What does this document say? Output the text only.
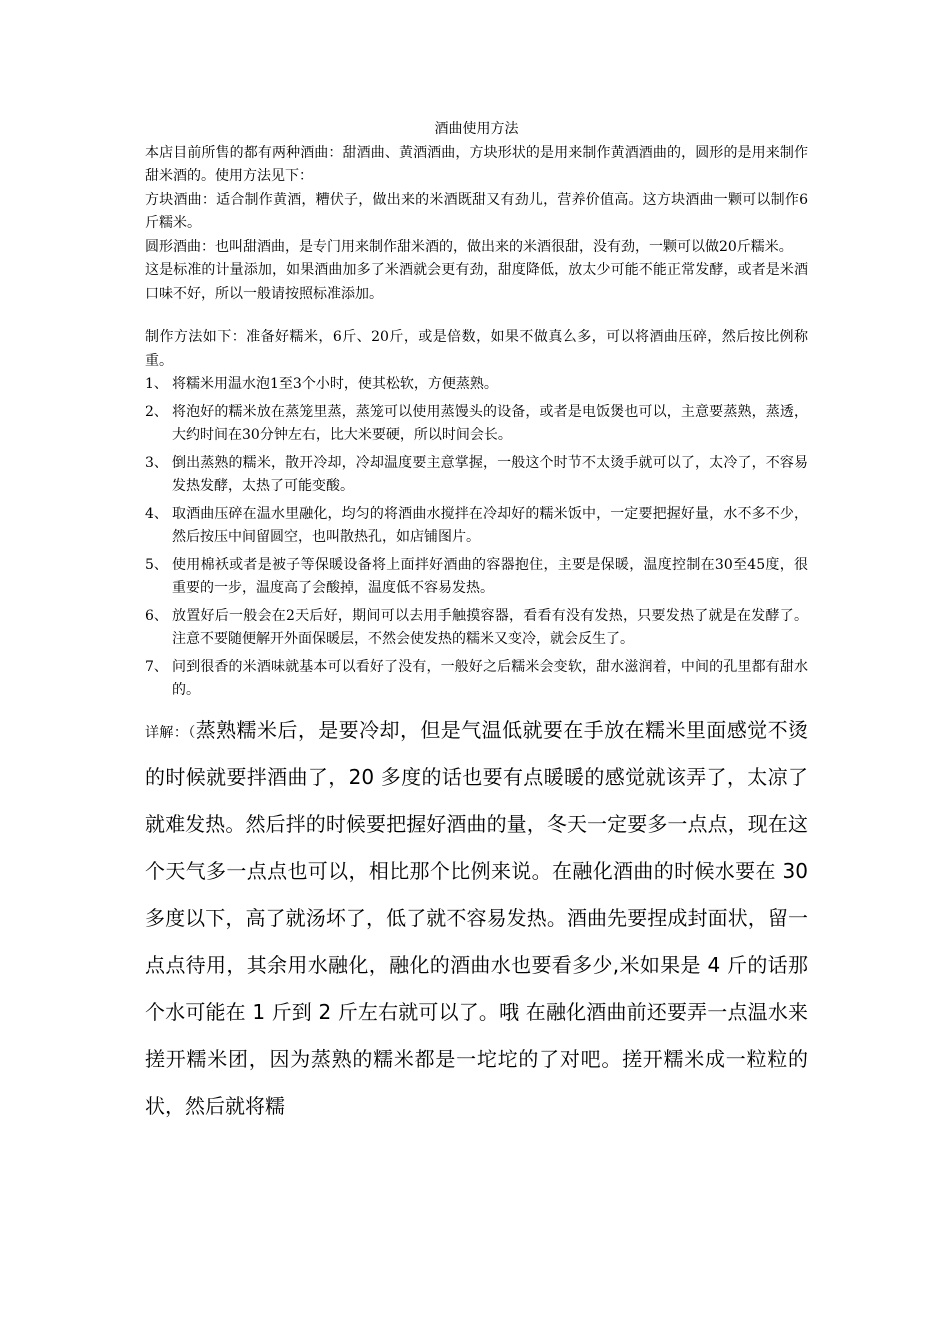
酒曲使用方法

本店目前所售的都有两种酒曲：甜酒曲、黄酒酒曲，方块形状的是用来制作黄酒酒曲的，圆形的是用来制作甜米酒的。使用方法见下：

方块酒曲：适合制作黄酒，糟伏子，做出来的米酒既甜又有劲儿，营养价值高。这方块酒曲一颗可以制作6斤糯米。

圆形酒曲：也叫甜酒曲，是专门用来制作甜米酒的，做出来的米酒很甜，没有劲，一颗可以做20斤糯米。

这是标准的计量添加，如果酒曲加多了米酒就会更有劲，甜度降低，放太少可能不能正常发酵，或者是米酒口味不好，所以一般请按照标准添加。

制作方法如下：准备好糯米，6斤、20斤，或是倍数，如果不做真么多，可以将酒曲压碎，然后按比例称重。

1、 将糯米用温水泡1至3个小时，使其松软，方便蒸熟。
2、 将泡好的糯米放在蒸笼里蒸，蒸笼可以使用蒸馒头的设备，或者是电饭煲也可以，主意要蒸熟，蒸透，大约时间在30分钟左右，比大米要硬，所以时间会长。
3、 倒出蒸熟的糯米，散开冷却，冷却温度要主意掌握，一般这个时节不太烫手就可以了，太冷了，不容易发热发酵，太热了可能变酸。
4、 取酒曲压碎在温水里融化，均匀的将酒曲水搅拌在冷却好的糯米饭中，一定要把握好量，水不多不少，然后按压中间留圆空，也叫散热孔，如店铺图片。
5、 使用棉袄或者是被子等保暖设备将上面拌好酒曲的容器抱住，主要是保暖，温度控制在30至45度，很重要的一步，温度高了会酸掉，温度低不容易发热。
6、 放置好后一般会在2天后好，期间可以去用手触摸容器，看看有没有发热，只要发热了就是在发酵了。注意不要随便解开外面保暖层，不然会使发热的糯米又变冷，就会反生了。
7、 问到很香的米酒味就基本可以看好了没有，一般好之后糯米会变软，甜水滋润着，中间的孔里都有甜水的。

详解：（蒸熟糯米后，是要冷却，但是气温低就要在手放在糯米里面感觉不烫的时候就要拌酒曲了，20 多度的话也要有点暖暖的感觉就该弄了，太凉了就难发热。然后拌的时候要把握好酒曲的量，冬天一定要多一点点，现在这个天气多一点点也可以，相比那个比例来说。在融化酒曲的时候水要在 30 多度以下，高了就汤坏了，低了就不容易发热。酒曲先要捏成封面状，留一点点待用，其余用水融化，融化的酒曲水也要看多少,米如果是 4 斤的话那个水可能在 1 斤到 2 斤左右就可以了。哦 在融化酒曲前还要弄一点温水来搓开糯米团，因为蒸熟的糯米都是一坨坨的了对吧。搓开糯米成一粒粒的状，然后就将糯
